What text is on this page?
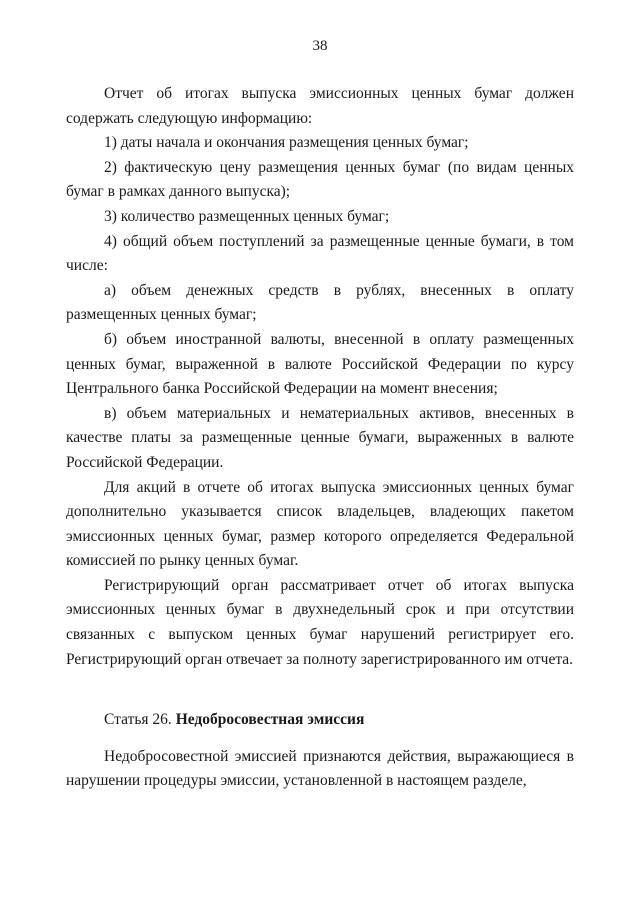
38

Отчет об итогах выпуска эмиссионных ценных бумаг должен содержать следующую информацию:

1) даты начала и окончания размещения ценных бумаг;

2) фактическую цену размещения ценных бумаг (по видам ценных бумаг в рамках данного выпуска);

3) количество размещенных ценных бумаг;

4) общий объем поступлений за размещенные ценные бумаги, в том числе:

а) объем денежных средств в рублях, внесенных в оплату размещенных ценных бумаг;

б) объем иностранной валюты, внесенной в оплату размещенных ценных бумаг, выраженной в валюте Российской Федерации по курсу Центрального банка Российской Федерации на момент внесения;

в) объем материальных и нематериальных активов, внесенных в качестве платы за размещенные ценные бумаги, выраженных в валюте Российской Федерации.

Для акций в отчете об итогах выпуска эмиссионных ценных бумаг дополнительно указывается список владельцев, владеющих пакетом эмиссионных ценных бумаг, размер которого определяется Федеральной комиссией по рынку ценных бумаг.

Регистрирующий орган рассматривает отчет об итогах выпуска эмиссионных ценных бумаг в двухнедельный срок и при отсутствии связанных с выпуском ценных бумаг нарушений регистрирует его. Регистрирующий орган отвечает за полноту зарегистрированного им отчета.

Статья 26. Недобросовестная эмиссия

Недобросовестной эмиссией признаются действия, выражающиеся в нарушении процедуры эмиссии, установленной в настоящем разделе,
